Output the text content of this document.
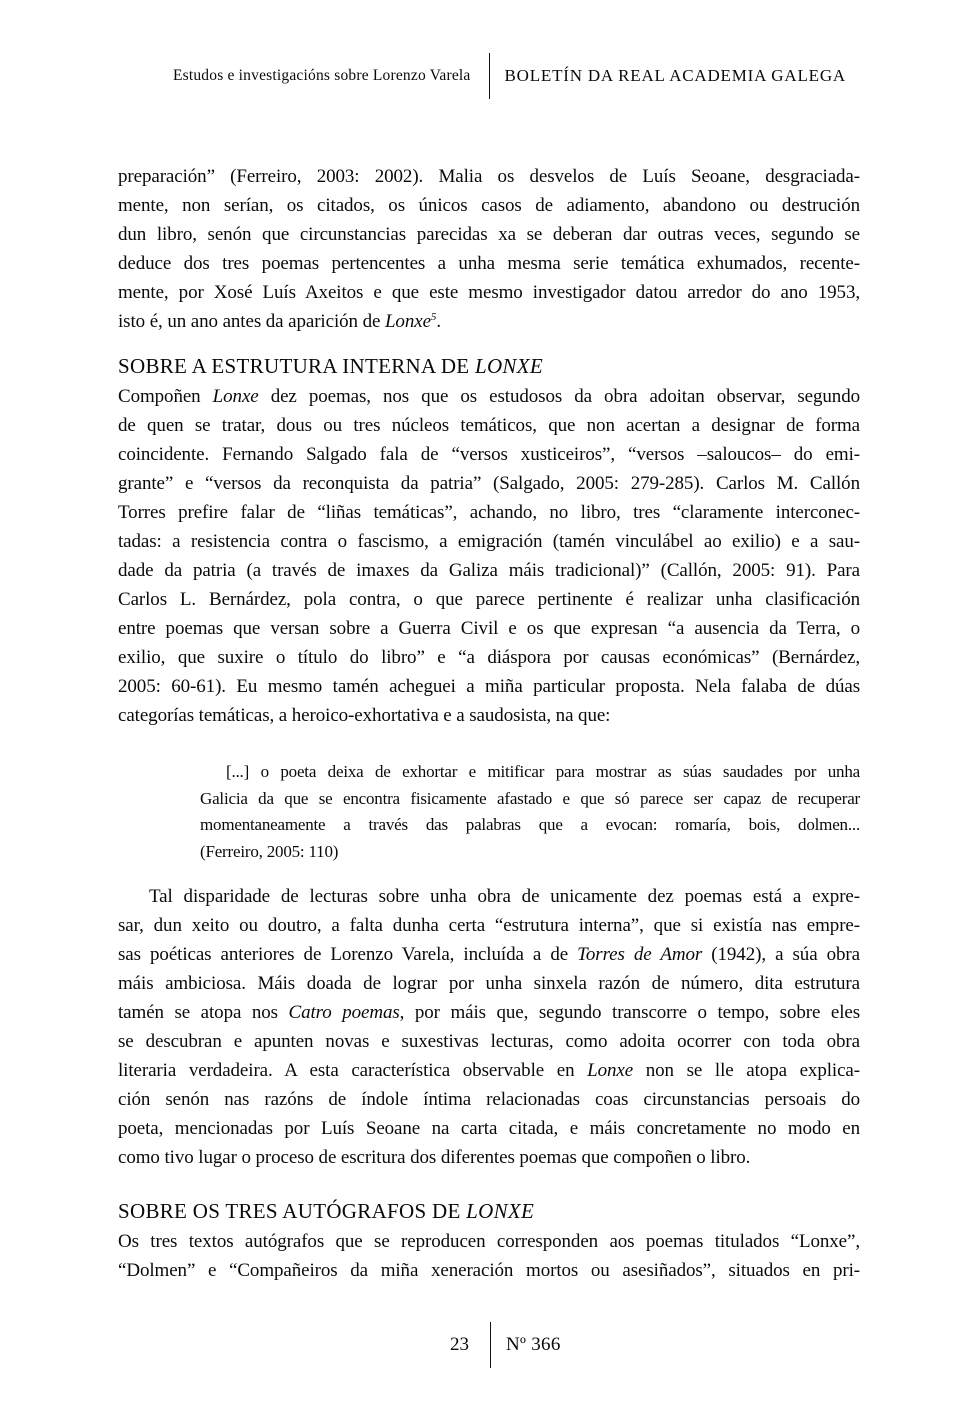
Estudos e investigacións sobre Lorenzo Varela	BOLETÍN DA REAL ACADEMIA GALEGA
preparación” (Ferreiro, 2003: 2002). Malia os desvelos de Luís Seoane, desgraciada-
mente, non serían, os citados, os únicos casos de adiamento, abandono ou destrución
dun libro, senón que circunstancias parecidas xa se deberan dar outras veces, segundo se
deduce dos tres poemas pertencentes a unha mesma serie temática exhumados, recente-
mente, por Xosé Luís Axeitos e que este mesmo investigador datou arredor do ano 1953,
isto é, un ano antes da aparición de Lonxe$^5$.
SOBRE A ESTRUTURA INTERNA DE LONXE
Compoñen Lonxe dez poemas, nos que os estudosos da obra adoitan observar, segundo
de quen se tratar, dous ou tres núcleos temáticos, que non acertan a designar de forma
coincidente. Fernando Salgado fala de “versos xusticeiros”, “versos –saloucos– do emi-
grante” e “versos da reconquista da patria” (Salgado, 2005: 279-285). Carlos M. Callón
Torres prefire falar de “liñas temáticas”, achando, no libro, tres “claramente interconec-
tadas: a resistencia contra o fascismo, a emigración (tamén vinculábel ao exilio) e a sau-
dade da patria (a través de imaxes da Galiza máis tradicional)” (Callón, 2005: 91). Para
Carlos L. Bernárdez, pola contra, o que parece pertinente é realizar unha clasificación
entre poemas que versan sobre a Guerra Civil e os que expresan “a ausencia da Terra, o
exilio, que suxire o título do libro” e “a diáspora por causas económicas” (Bernárdez,
2005: 60-61). Eu mesmo tamén acheguei a miña particular proposta. Nela falaba de dúas
categorías temáticas, a heroico-exhortativa e a saudosista, na que:
[...] o poeta deixa de exhortar e mitificar para mostrar as súas saudades por unha
Galicia da que se encontra fisicamente afastado e que só parece ser capaz de recuperar
momentaneamente a través das palabras que a evocan: romaría, bois, dolmen...
(Ferreiro, 2005: 110)
Tal disparidade de lecturas sobre unha obra de unicamente dez poemas está a expre-
sar, dun xeito ou doutro, a falta dunha certa “estrutura interna”, que si existía nas empre-
sas poéticas anteriores de Lorenzo Varela, incluída a de Torres de Amor (1942), a súa obra
máis ambiciosa. Máis doada de lograr por unha sinxela razón de número, dita estrutura
tamén se atopa nos Catro poemas, por máis que, segundo transcorre o tempo, sobre eles
se descubran e apunten novas e suxestivas lecturas, como adoita ocorrer con toda obra
literaria verdadeira. A esta característica observable en Lonxe non se lle atopa explica-
ción senón nas razóns de índole íntima relacionadas coas circunstancias persoais do
poeta, mencionadas por Luís Seoane na carta citada, e máis concretamente no modo en
como tivo lugar o proceso de escritura dos diferentes poemas que compoñen o libro.
SOBRE OS TRES AUTÓGRAFOS DE LONXE
Os tres textos autógrafos que se reproducen corresponden aos poemas titulados “Lonxe”,
“Dolmen” e “Compañeiros da miña xeneración mortos ou asesiñados”, situados en pri-
23	Nº 366
